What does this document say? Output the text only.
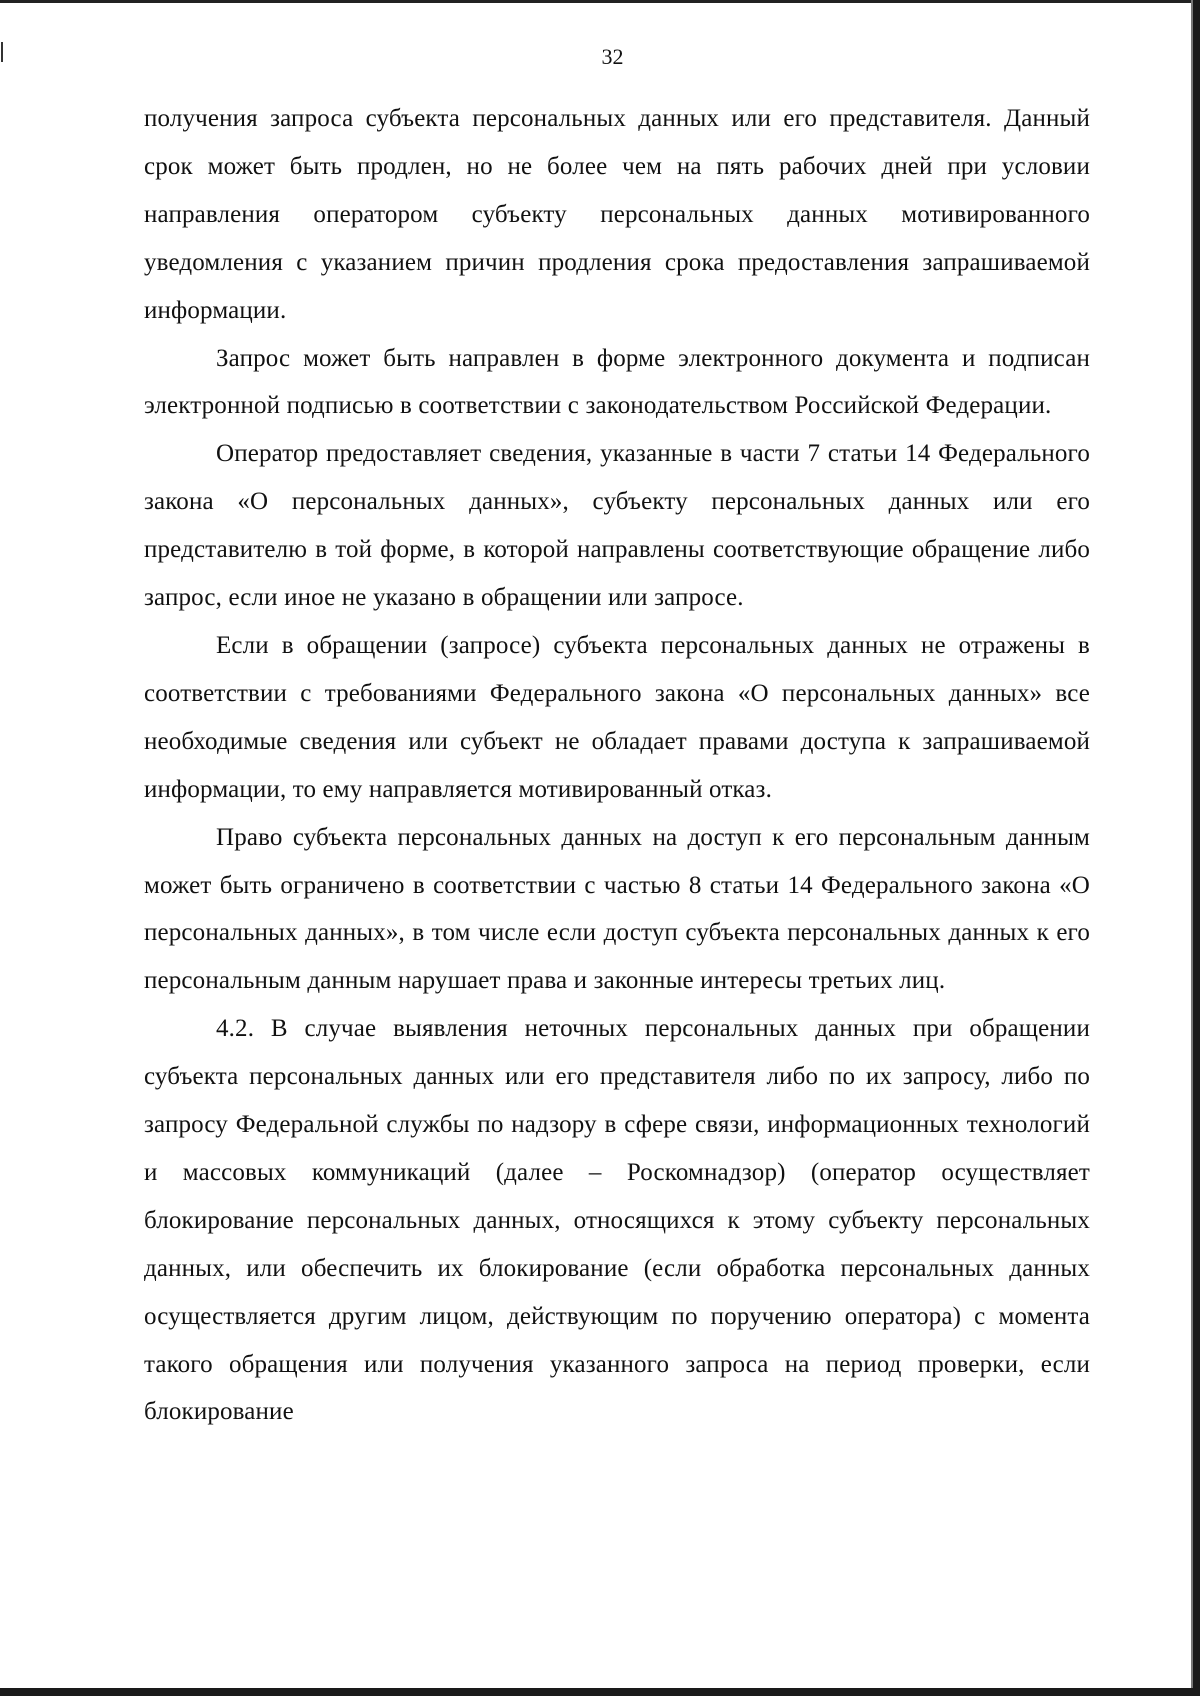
32

получения запроса субъекта персональных данных или его представителя. Данный срок может быть продлен, но не более чем на пять рабочих дней при условии направления оператором субъекту персональных данных мотивированного уведомления с указанием причин продления срока предоставления запрашиваемой информации.

Запрос может быть направлен в форме электронного документа и подписан электронной подписью в соответствии с законодательством Российской Федерации.

Оператор предоставляет сведения, указанные в части 7 статьи 14 Федерального закона «О персональных данных», субъекту персональных данных или его представителю в той форме, в которой направлены соответствующие обращение либо запрос, если иное не указано в обращении или запросе.

Если в обращении (запросе) субъекта персональных данных не отражены в соответствии с требованиями Федерального закона «О персональных данных» все необходимые сведения или субъект не обладает правами доступа к запрашиваемой информации, то ему направляется мотивированный отказ.

Право субъекта персональных данных на доступ к его персональным данным может быть ограничено в соответствии с частью 8 статьи 14 Федерального закона «О персональных данных», в том числе если доступ субъекта персональных данных к его персональным данным нарушает права и законные интересы третьих лиц.

4.2. В случае выявления неточных персональных данных при обращении субъекта персональных данных или его представителя либо по их запросу, либо по запросу Федеральной службы по надзору в сфере связи, информационных технологий и массовых коммуникаций (далее – Роскомнадзор) (оператор осуществляет блокирование персональных данных, относящихся к этому субъекту персональных данных, или обеспечить их блокирование (если обработка персональных данных осуществляется другим лицом, действующим по поручению оператора) с момента такого обращения или получения указанного запроса на период проверки, если блокирование
